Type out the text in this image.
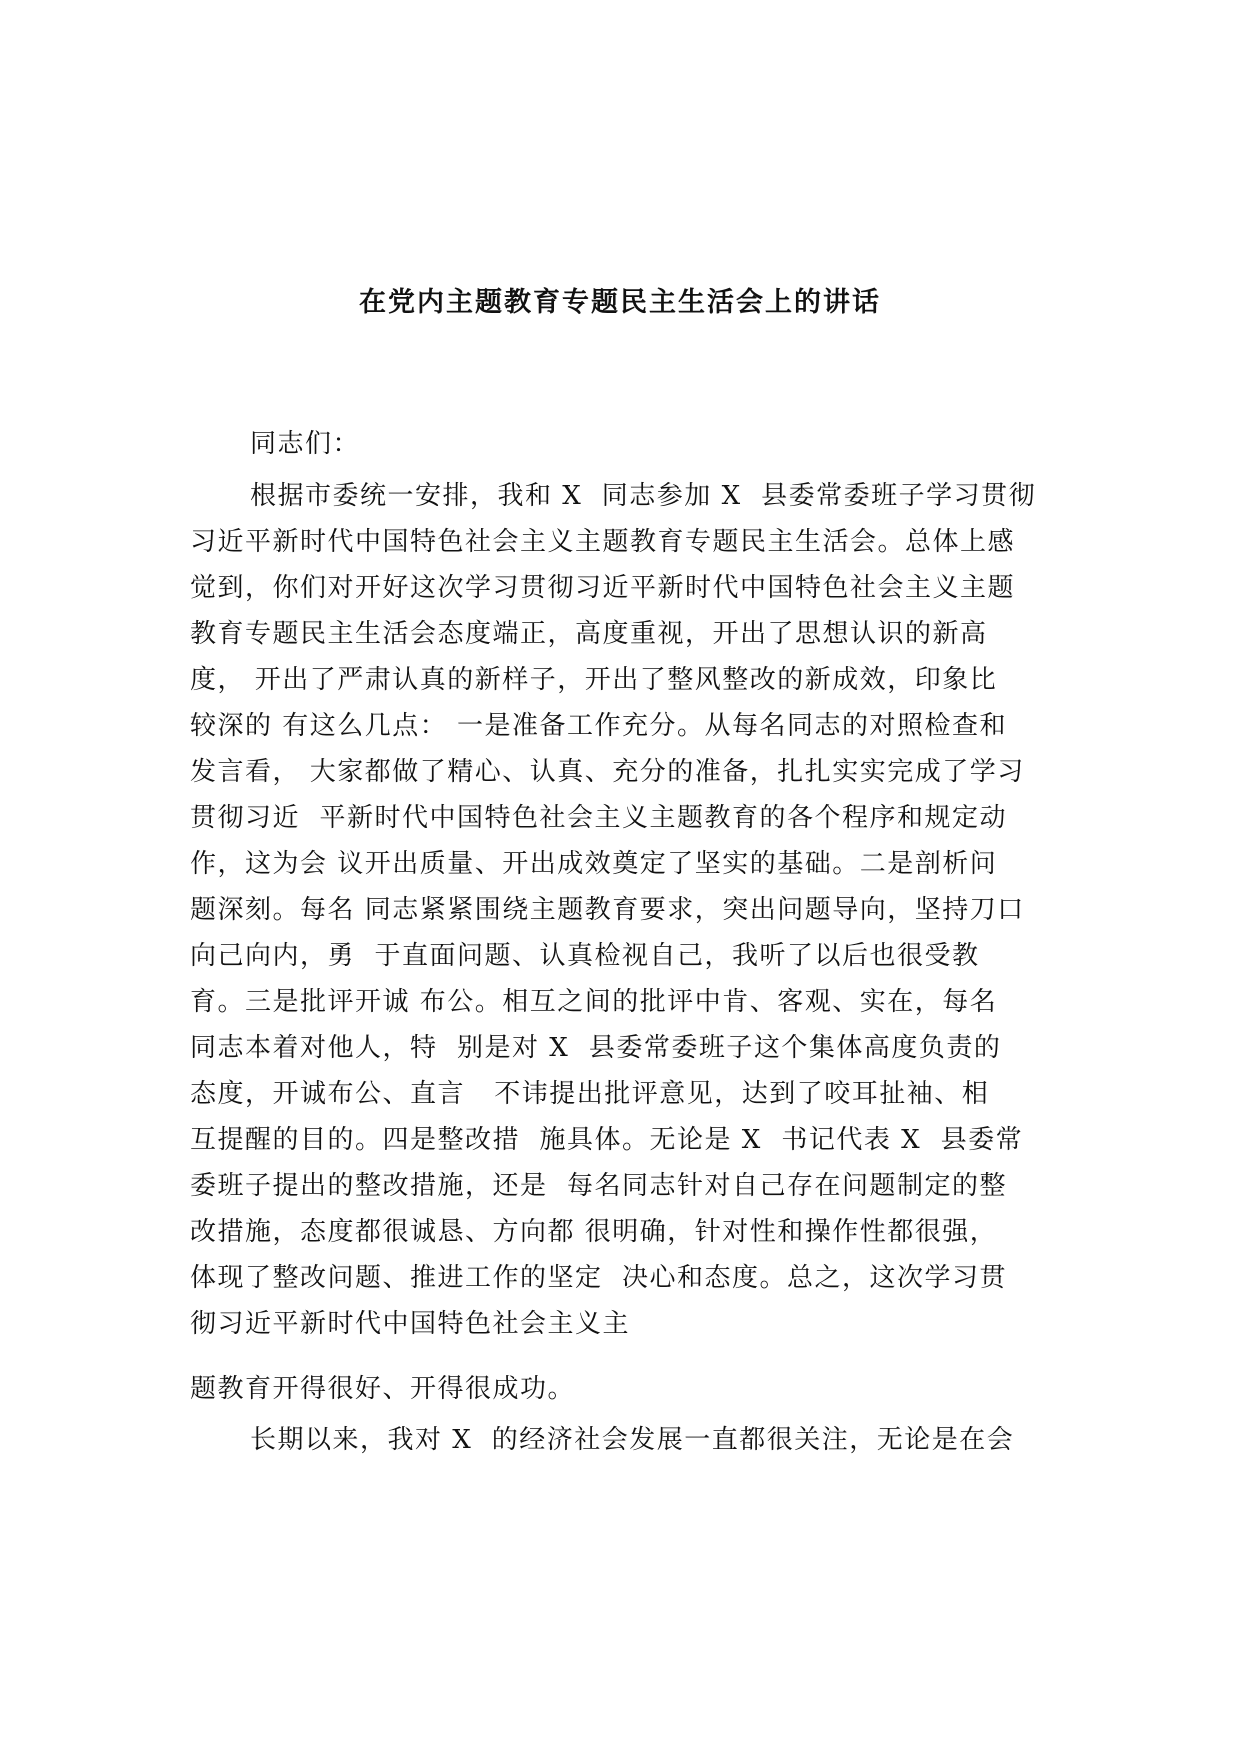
在党内主题教育专题民主生活会上的讲话
同志们：
根据市委统一安排，我和 X  同志参加 X  县委常委班子学习贯彻
习近平新时代中国特色社会主义主题教育专题民主生活会。总体上感
觉到，你们对开好这次学习贯彻习近平新时代中国特色社会主义主题
教育专题民主生活会态度端正，高度重视，开出了思想认识的新高
度， 开出了严肃认真的新样子，开出了整风整改的新成效，印象比
较深的 有这么几点： 一是准备工作充分。从每名同志的对照检查和
发言看， 大家都做了精心、认真、充分的准备，扎扎实实完成了学习
贯彻习近  平新时代中国特色社会主义主题教育的各个程序和规定动
作，这为会 议开出质量、开出成效奠定了坚实的基础。二是剖析问
题深刻。每名 同志紧紧围绕主题教育要求，突出问题导向，坚持刀口
向己向内，勇  于直面问题、认真检视自己，我听了以后也很受教
育。三是批评开诚 布公。相互之间的批评中肯、客观、实在，每名
同志本着对他人，特  别是对 X  县委常委班子这个集体高度负责的
态度，开诚布公、直言   不讳提出批评意见，达到了咬耳扯袖、相
互提醒的目的。四是整改措  施具体。无论是 X  书记代表 X  县委常
委班子提出的整改措施，还是  每名同志针对自己存在问题制定的整
改措施，态度都很诚恳、方向都 很明确，针对性和操作性都很强，
体现了整改问题、推进工作的坚定  决心和态度。总之，这次学习贯
彻习近平新时代中国特色社会主义主
题教育开得很好、开得很成功。
长期以来，我对 X  的经济社会发展一直都很关注，无论是在会
